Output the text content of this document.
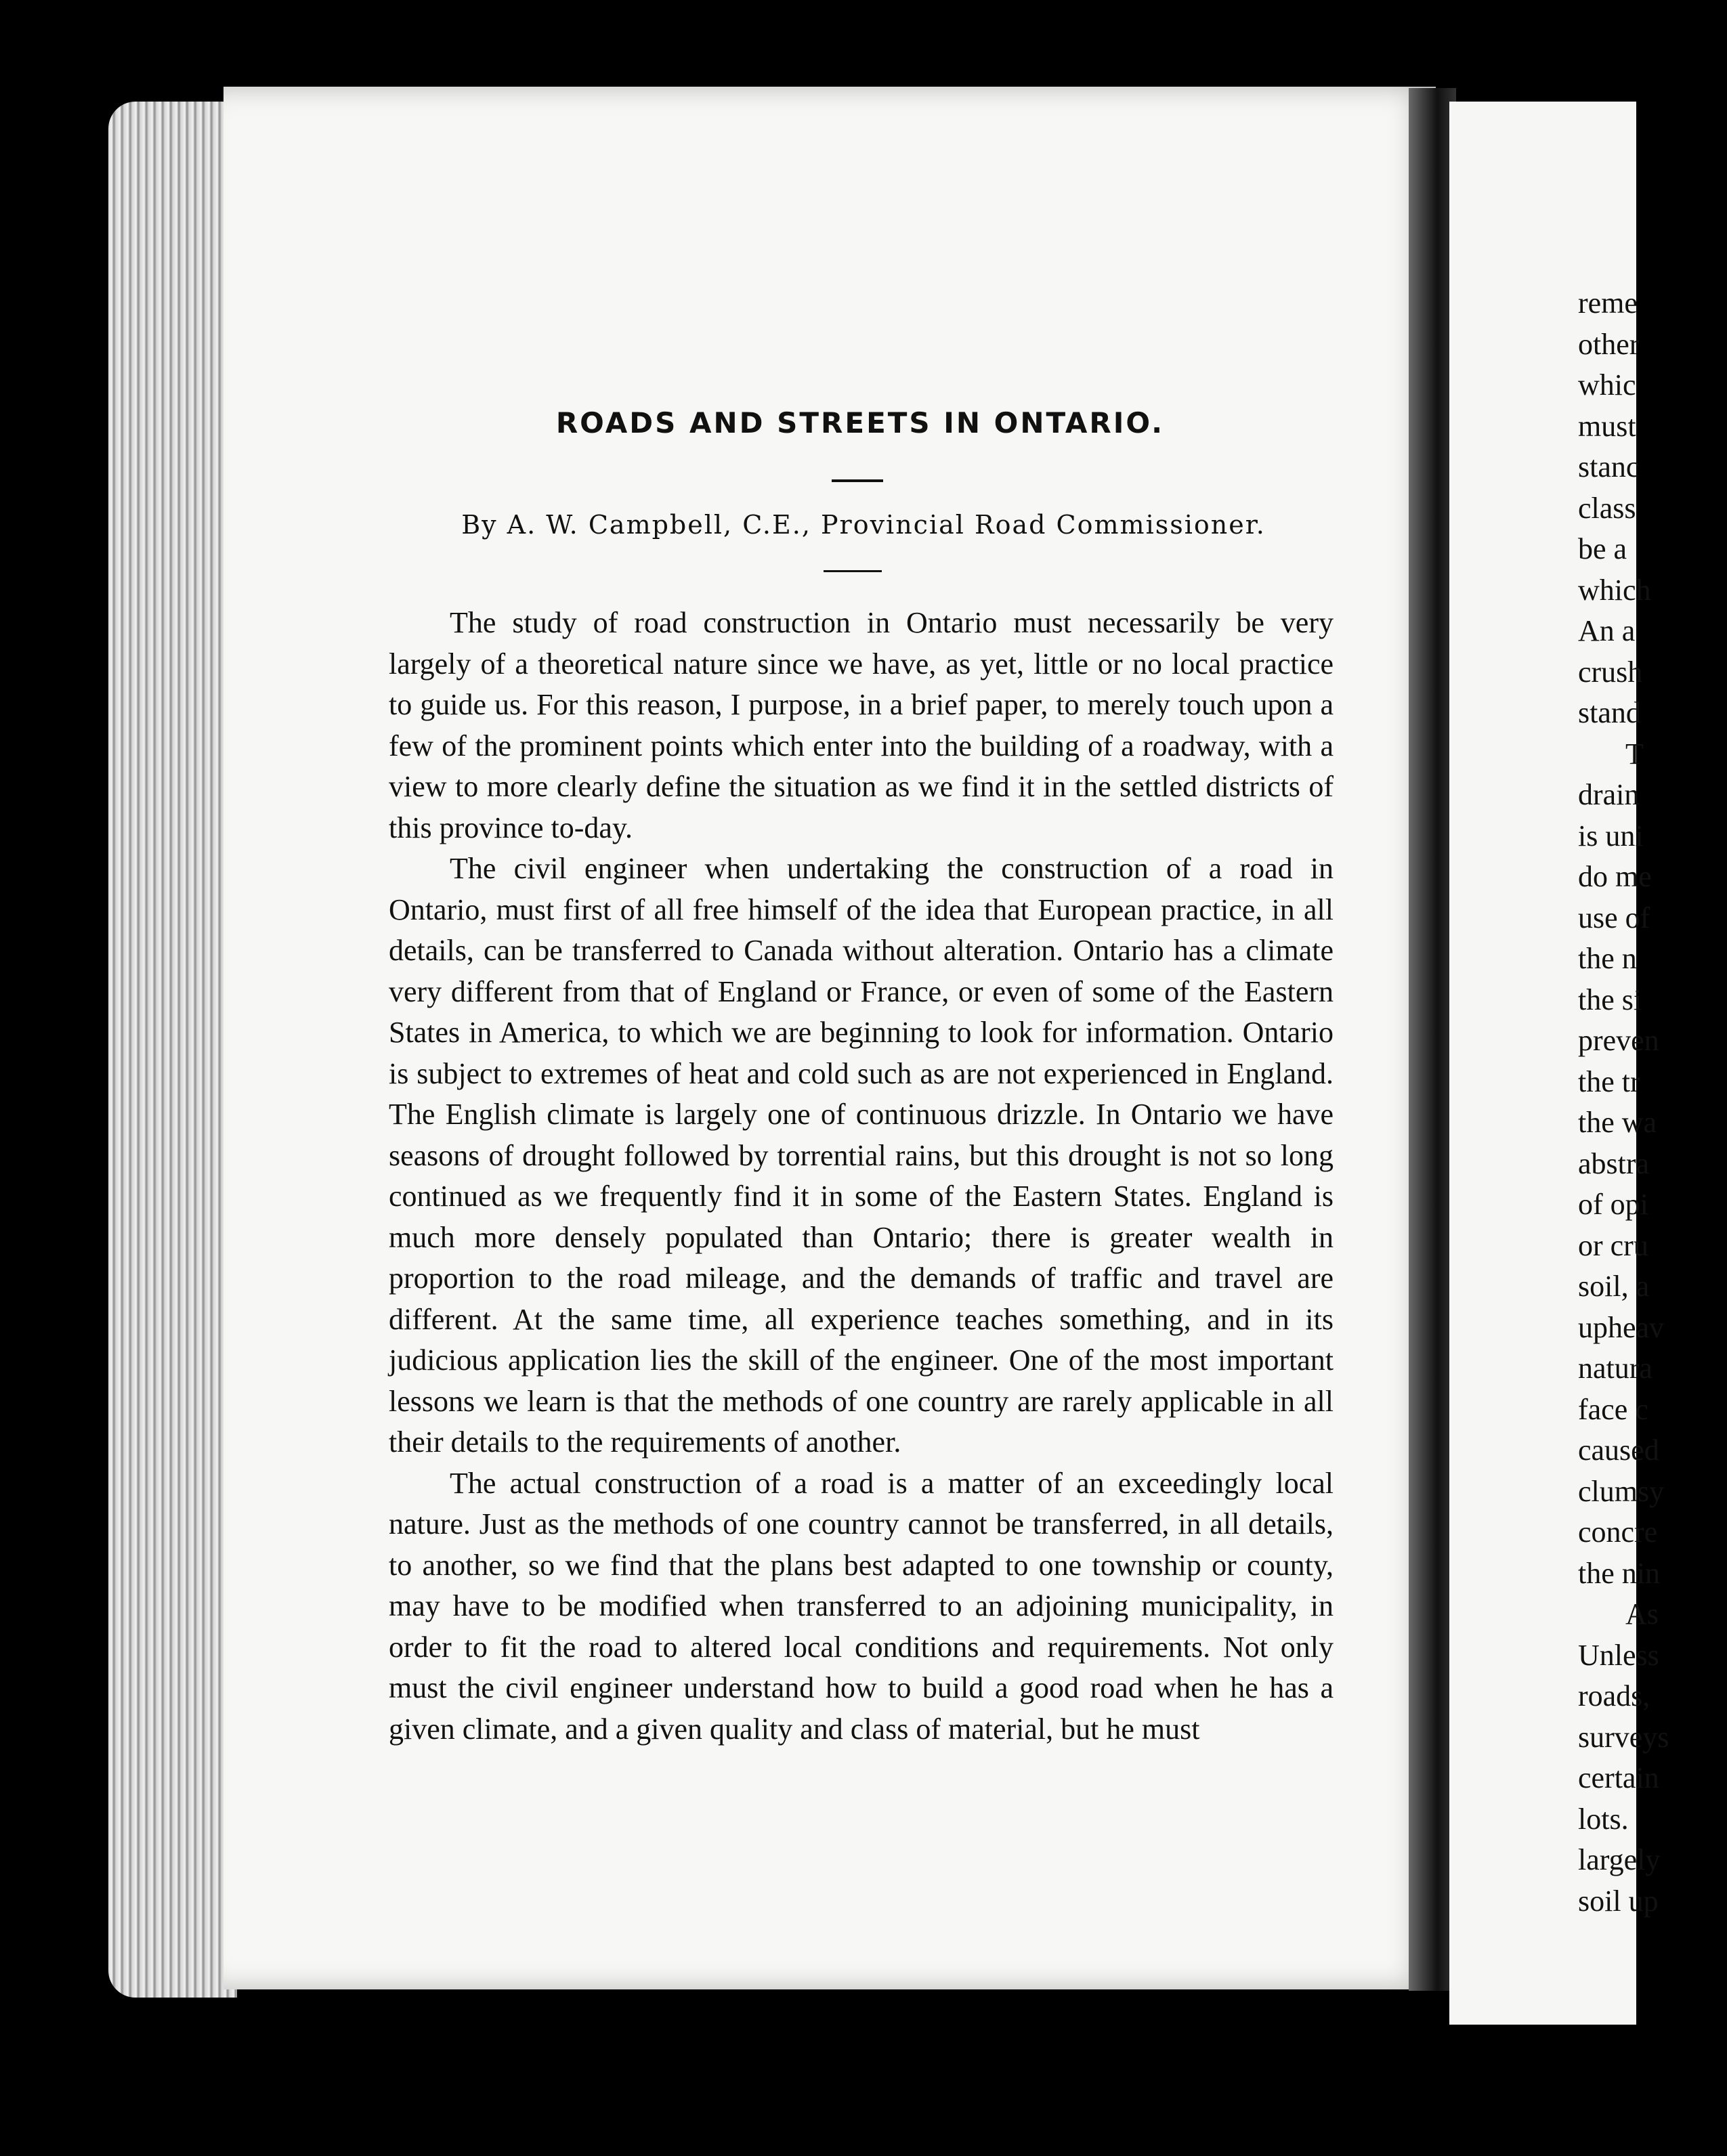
ROADS AND STREETS IN ONTARIO.
By A. W. Campbell, C.E., Provincial Road Commissioner.

The study of road construction in Ontario must necessarily be very largely of a theoretical nature since we have, as yet, little or no local practice to guide us. For this reason, I purpose, in a brief paper, to merely touch upon a few of the prominent points which enter into the building of a roadway, with a view to more clearly define the situation as we find it in the settled districts of this province to-day.

The civil engineer when undertaking the construction of a road in Ontario, must first of all free himself of the idea that European practice, in all details, can be transferred to Canada without alteration. Ontario has a climate very different from that of England or France, or even of some of the Eastern States in America, to which we are beginning to look for information. Ontario is subject to extremes of heat and cold such as are not experienced in England. The English climate is largely one of continuous drizzle. In Ontario we have seasons of drought followed by torrential rains, but this drought is not so long continued as we frequently find it in some of the Eastern States. England is much more densely populated than Ontario; there is greater wealth in proportion to the road mileage, and the demands of traffic and travel are different. At the same time, all experience teaches something, and in its judicious application lies the skill of the engineer. One of the most important lessons we learn is that the methods of one country are rarely applicable in all their details to the requirements of another.

The actual construction of a road is a matter of an exceedingly local nature. Just as the methods of one country cannot be transferred, in all details, to another, so we find that the plans best adapted to one township or county, may have to be modified when transferred to an adjoining municipality, in order to fit the road to altered local conditions and requirements. Not only must the civil engineer understand how to build a good road when he has a given climate, and a given quality and class of material, but he must

reme
other
whic
must
stanc
class
be a
which
An a
crush
stand
T
drain
is uni
do me
use of
the n
the si
preven
the tr
the wa
abstra
of opi
or cru
soil, a
upheav
natura
face c
caused
clumsy
concre
the nin
As
Unless
roads,
surveys
certain
lots.
largely
soil up
